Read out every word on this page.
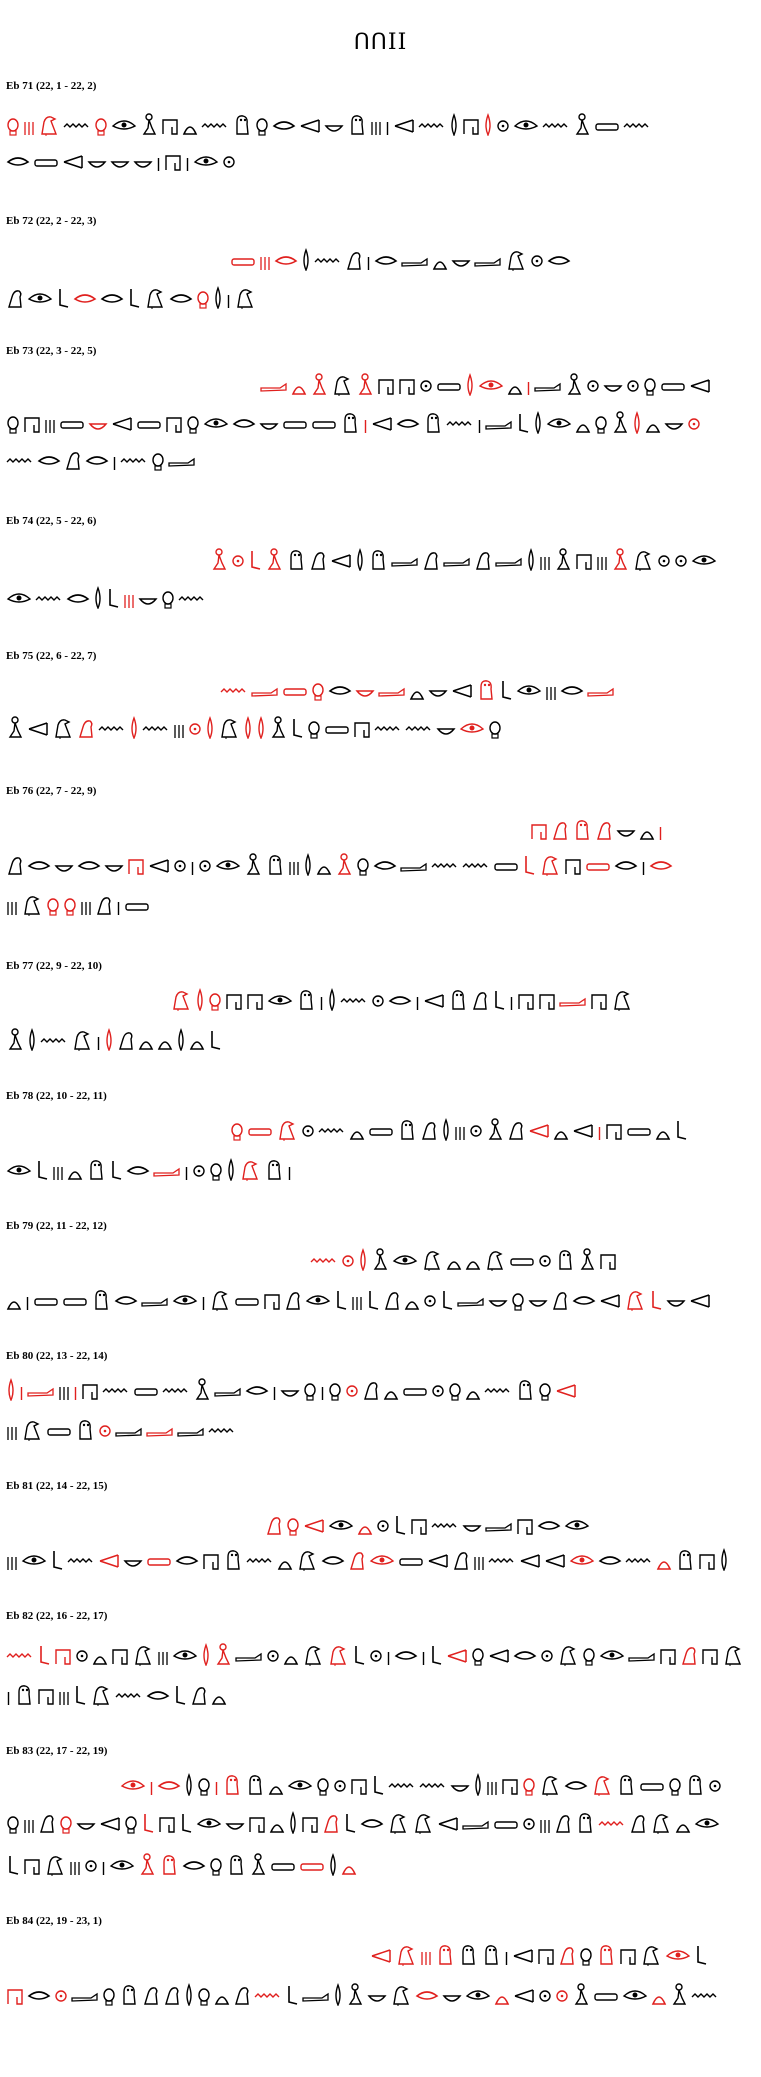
ᑎᑎII
Eb 71 (22, 1 - 22, 2)
Eb 72 (22, 2 - 22, 3)
Eb 73 (22, 3 - 22, 5)
Eb 74 (22, 5 - 22, 6)
Eb 75 (22, 6 - 22, 7)
Eb 76 (22, 7 - 22, 9)
Eb 77 (22, 9 - 22, 10)
Eb 78 (22, 10 - 22, 11)
Eb 79 (22, 11 - 22, 12)
Eb 80 (22, 13 - 22, 14)
Eb 81 (22, 14 - 22, 15)
Eb 82 (22, 16 - 22, 17)
Eb 83 (22, 17 - 22, 19)
Eb 84 (22, 19 - 23, 1)
